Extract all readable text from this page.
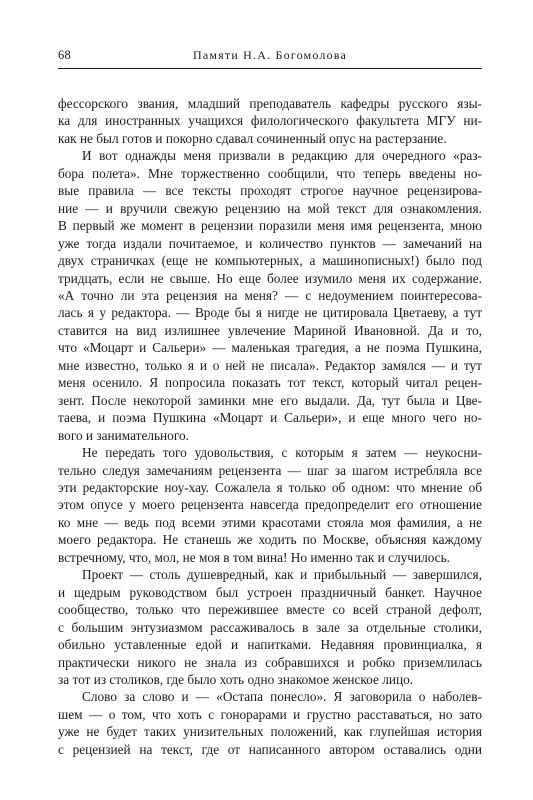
68	Памяти Н.А. Богомолова

фессорского звания, младший преподаватель кафедры русского язы-
ка для иностранных учащихся филологического факультета МГУ ни-
как не был готов и покорно сдавал сочиненный опус на растерзание.

И вот однажды меня призвали в редакцию для очередного «раз-
бора полета». Мне торжественно сообщили, что теперь введены но-
вые правила — все тексты проходят строгое научное рецензирова-
ние — и вручили свежую рецензию на мой текст для ознакомления.
В первый же момент в рецензии поразили меня имя рецензента, мною
уже тогда издали почитаемое, и количество пунктов — замечаний на
двух страничках (еще не компьютерных, а машинописных!) было под
тридцать, если не свыше. Но еще более изумило меня их содержание.
«А точно ли эта рецензия на меня? — с недоумением поинтересова-
лась я у редактора. — Вроде бы я нигде не цитировала Цветаеву, а тут
ставится на вид излишнее увлечение Мариной Ивановной. Да и то,
что «Моцарт и Сальери» — маленькая трагедия, а не поэма Пушкина,
мне известно, только я и о ней не писала». Редактор замялся — и тут
меня осенило. Я попросила показать тот текст, который читал рецен-
зент. После некоторой заминки мне его выдали. Да, тут была и Цве-
таева, и поэма Пушкина «Моцарт и Сальери», и еще много чего но-
вого и занимательного.

Не передать того удовольствия, с которым я затем — неукосни-
тельно следуя замечаниям рецензента — шаг за шагом истребляла все
эти редакторские ноу-хау. Сожалела я только об одном: что мнение об
этом опусе у моего рецензента навсегда предопределит его отношение
ко мне — ведь под всеми этими красотами стояла моя фамилия, а не
моего редактора. Не станешь же ходить по Москве, объясняя каждому
встречному, что, мол, не моя в том вина! Но именно так и случилось.

Проект — столь душевредный, как и прибыльный — завершился,
и щедрым руководством был устроен праздничный банкет. Научное
сообщество, только что пережившее вместе со всей страной дефолт,
с большим энтузиазмом рассаживалось в зале за отдельные столики,
обильно уставленные едой и напитками. Недавняя провинциалка, я
практически никого не знала из собравшихся и робко приземлилась
за тот из столиков, где было хоть одно знакомое женское лицо.

Слово за слово и — «Остапа понесло». Я заговорила о наболев-
шем — о том, что хоть с гонорарами и грустно расставаться, но зато
уже не будет таких унизительных положений, как глупейшая история
с рецензией на текст, где от написанного автором оставались одни
